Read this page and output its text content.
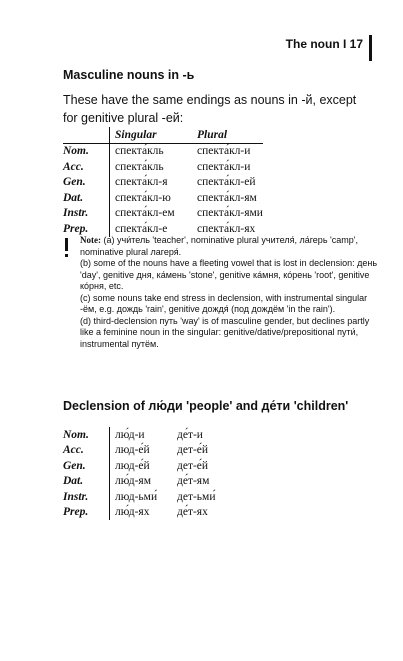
The noun I 17
Masculine nouns in -ь
These have the same endings as nouns in -й, except for genitive plural -ей:
	Singular	Plural
Nom.	спекта́кль	спекта́кл-и
Acc.	спекта́кль	спекта́кл-и
Gen.	спекта́кл-я	спекта́кл-ей
Dat.	спекта́кл-ю	спекта́кл-ям
Instr.	спекта́кл-ем	спекта́кл-ями
Prep.	спекта́кл-е	спекта́кл-ях

Note: (a) учи́тель 'teacher', nominative plural учителя́, ла́герь 'camp', nominative plural лагеря́.

(b) some of the nouns have a fleeting vowel that is lost in declension: день 'day', genitive дня, ка́мень 'stone', genitive ка́мня, ко́рень 'root', genitive ко́рня, etc.

(c) some nouns take end stress in declension, with instrumental singular -ём, e.g. дождь 'rain', genitive дождя́ (под дождём 'in the rain').

(d) third-declension путь 'way' is of masculine gender, but declines partly like a feminine noun in the singular: genitive/dative/prepositional пути́, instrumental путём.

Declension of лю́ди 'people' and де́ти 'children'
Nom.	лю́д-и	де́т-и
Acc.	люд-е́й	дет-е́й
Gen.	люд-е́й	дет-е́й
Dat.	лю́д-ям	де́т-ям
Instr.	люд-ьми́	дет-ьми́
Prep.	лю́д-ях	де́т-ях
